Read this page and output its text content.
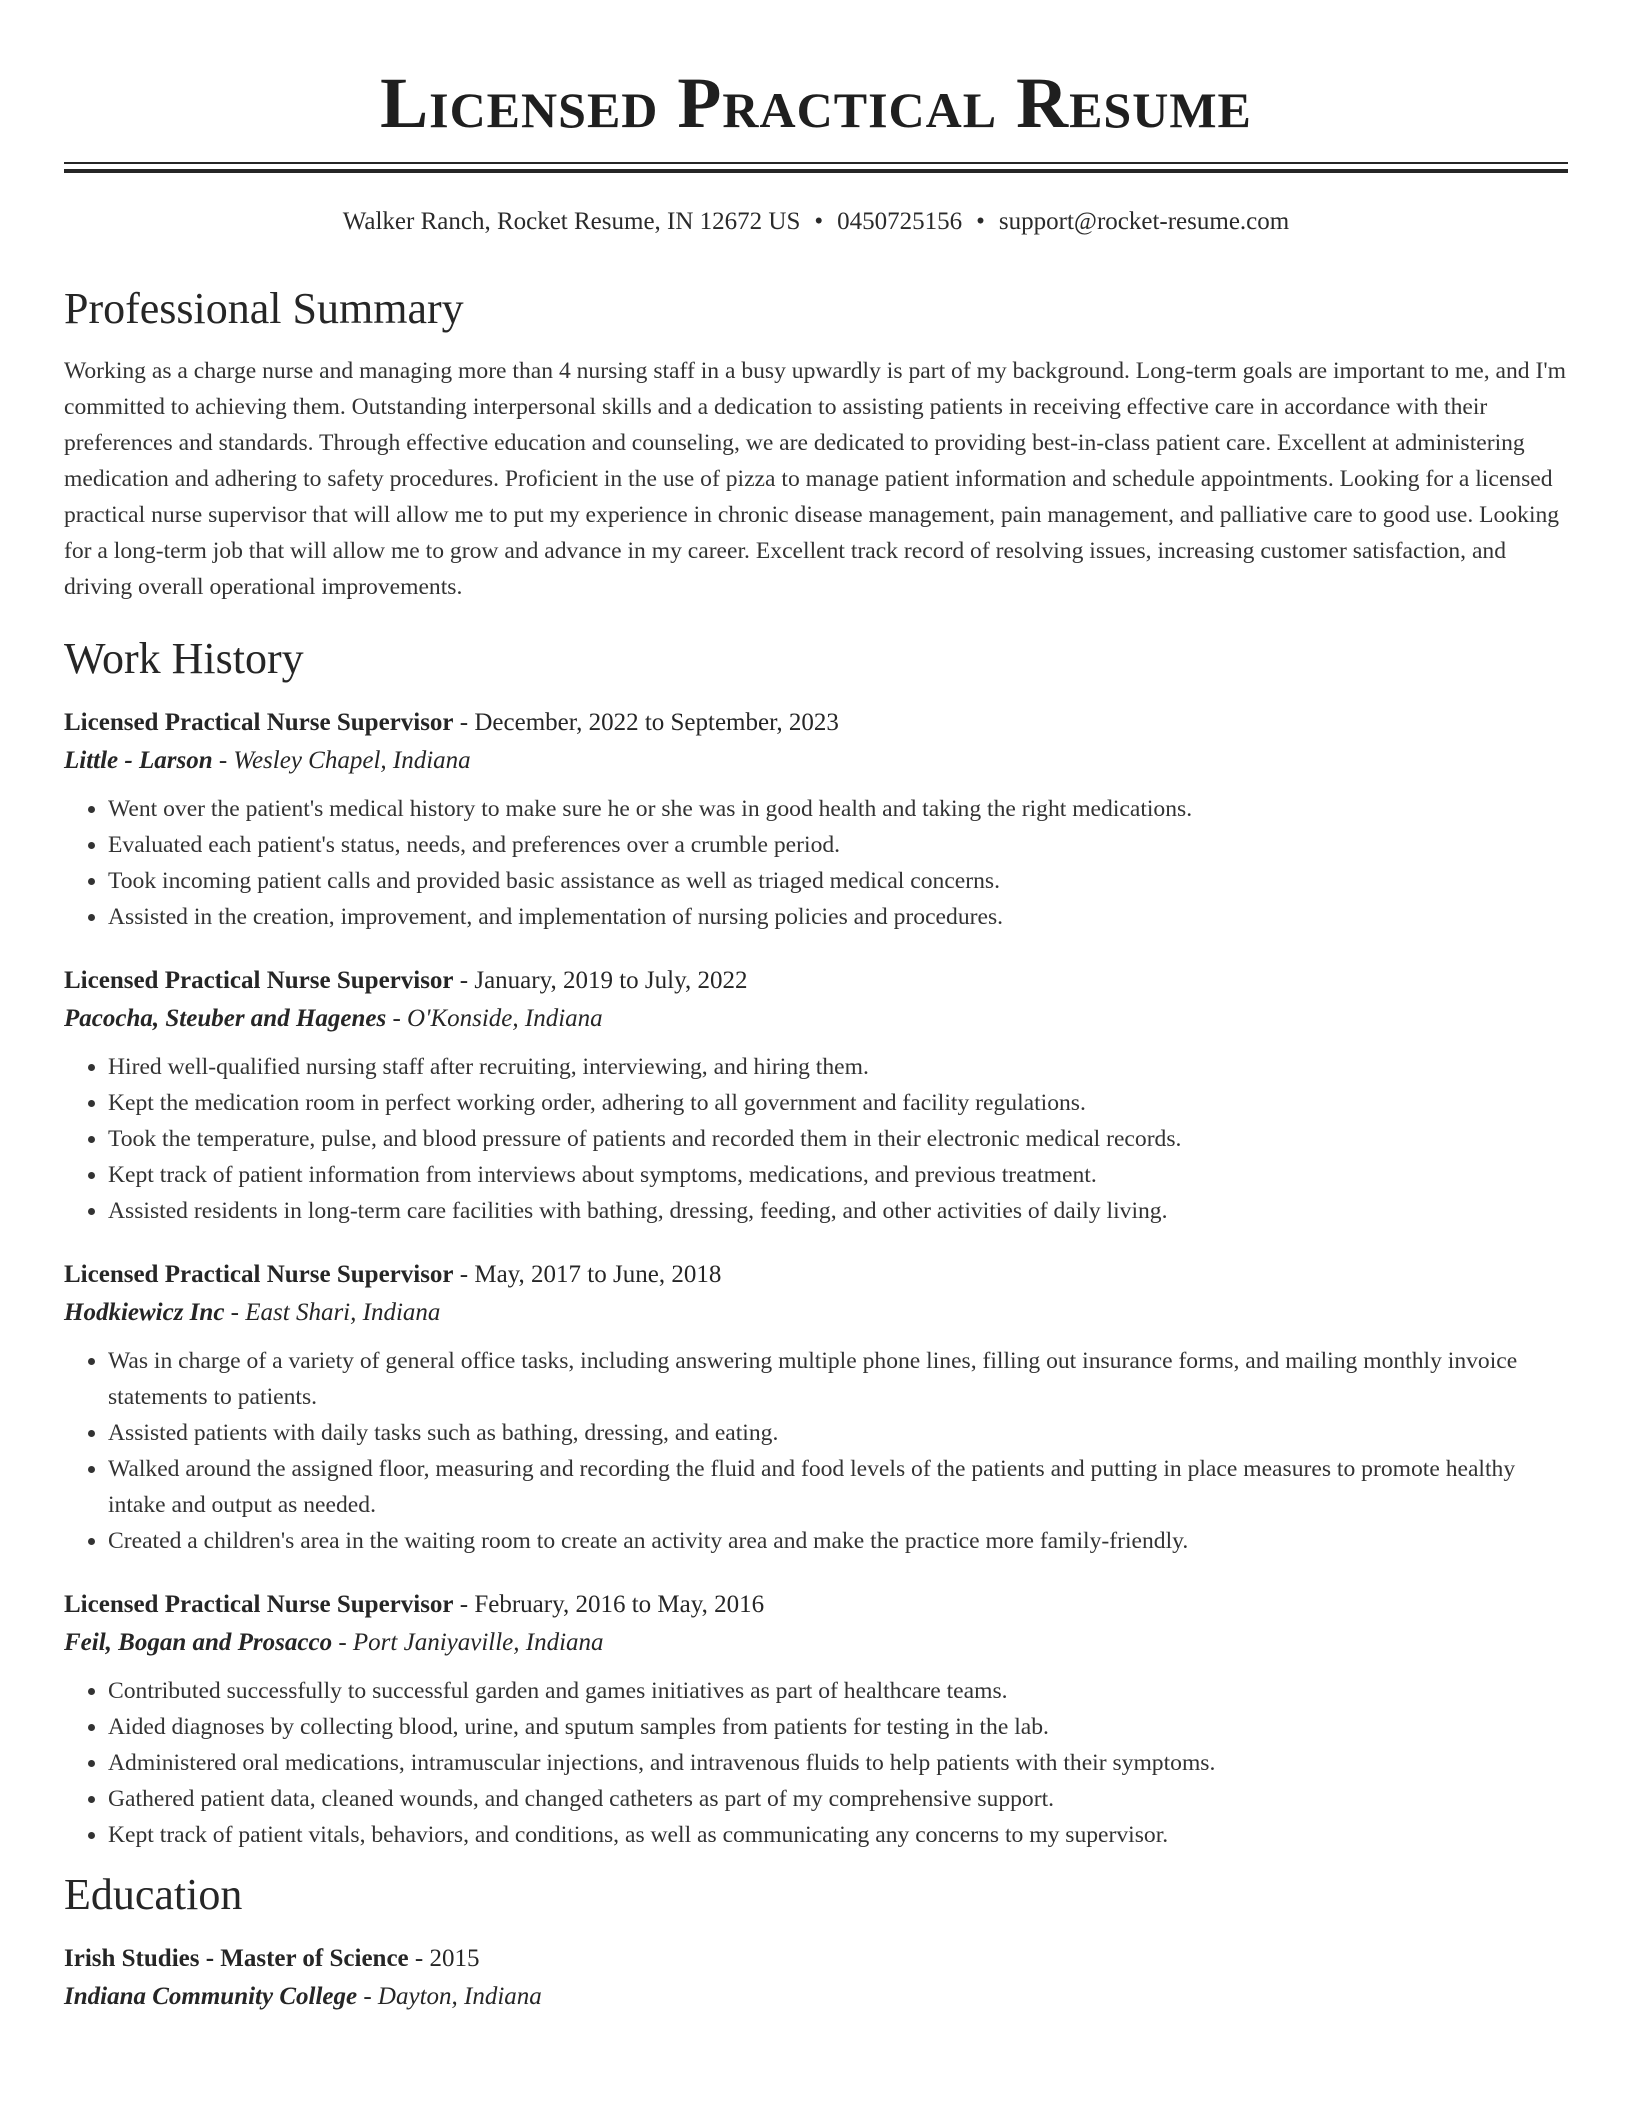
Licensed Practical Resume
Walker Ranch, Rocket Resume, IN 12672 US • 0450725156 • support@rocket-resume.com
Professional Summary

Working as a charge nurse and managing more than 4 nursing staff in a busy upwardly is part of my background. Long-term goals are important to me, and I'm committed to achieving them. Outstanding interpersonal skills and a dedication to assisting patients in receiving effective care in accordance with their preferences and standards. Through effective education and counseling, we are dedicated to providing best-in-class patient care. Excellent at administering medication and adhering to safety procedures. Proficient in the use of pizza to manage patient information and schedule appointments. Looking for a licensed practical nurse supervisor that will allow me to put my experience in chronic disease management, pain management, and palliative care to good use. Looking for a long-term job that will allow me to grow and advance in my career. Excellent track record of resolving issues, increasing customer satisfaction, and driving overall operational improvements.

Work History
Licensed Practical Nurse Supervisor - December, 2022 to September, 2023
Little - Larson - Wesley Chapel, Indiana
• Went over the patient's medical history to make sure he or she was in good health and taking the right medications.
• Evaluated each patient's status, needs, and preferences over a crumble period.
• Took incoming patient calls and provided basic assistance as well as triaged medical concerns.
• Assisted in the creation, improvement, and implementation of nursing policies and procedures.
Licensed Practical Nurse Supervisor - January, 2019 to July, 2022
Pacocha, Steuber and Hagenes - O'Konside, Indiana
• Hired well-qualified nursing staff after recruiting, interviewing, and hiring them.
• Kept the medication room in perfect working order, adhering to all government and facility regulations.
• Took the temperature, pulse, and blood pressure of patients and recorded them in their electronic medical records.
• Kept track of patient information from interviews about symptoms, medications, and previous treatment.
• Assisted residents in long-term care facilities with bathing, dressing, feeding, and other activities of daily living.
Licensed Practical Nurse Supervisor - May, 2017 to June, 2018
Hodkiewicz Inc - East Shari, Indiana
• Was in charge of a variety of general office tasks, including answering multiple phone lines, filling out insurance forms, and mailing monthly invoice statements to patients.
• Assisted patients with daily tasks such as bathing, dressing, and eating.
• Walked around the assigned floor, measuring and recording the fluid and food levels of the patients and putting in place measures to promote healthy intake and output as needed.
• Created a children's area in the waiting room to create an activity area and make the practice more family-friendly.
Licensed Practical Nurse Supervisor - February, 2016 to May, 2016
Feil, Bogan and Prosacco - Port Janiyaville, Indiana
• Contributed successfully to successful garden and games initiatives as part of healthcare teams.
• Aided diagnoses by collecting blood, urine, and sputum samples from patients for testing in the lab.
• Administered oral medications, intramuscular injections, and intravenous fluids to help patients with their symptoms.
• Gathered patient data, cleaned wounds, and changed catheters as part of my comprehensive support.
• Kept track of patient vitals, behaviors, and conditions, as well as communicating any concerns to my supervisor.
Education
Irish Studies - Master of Science - 2015
Indiana Community College - Dayton, Indiana
